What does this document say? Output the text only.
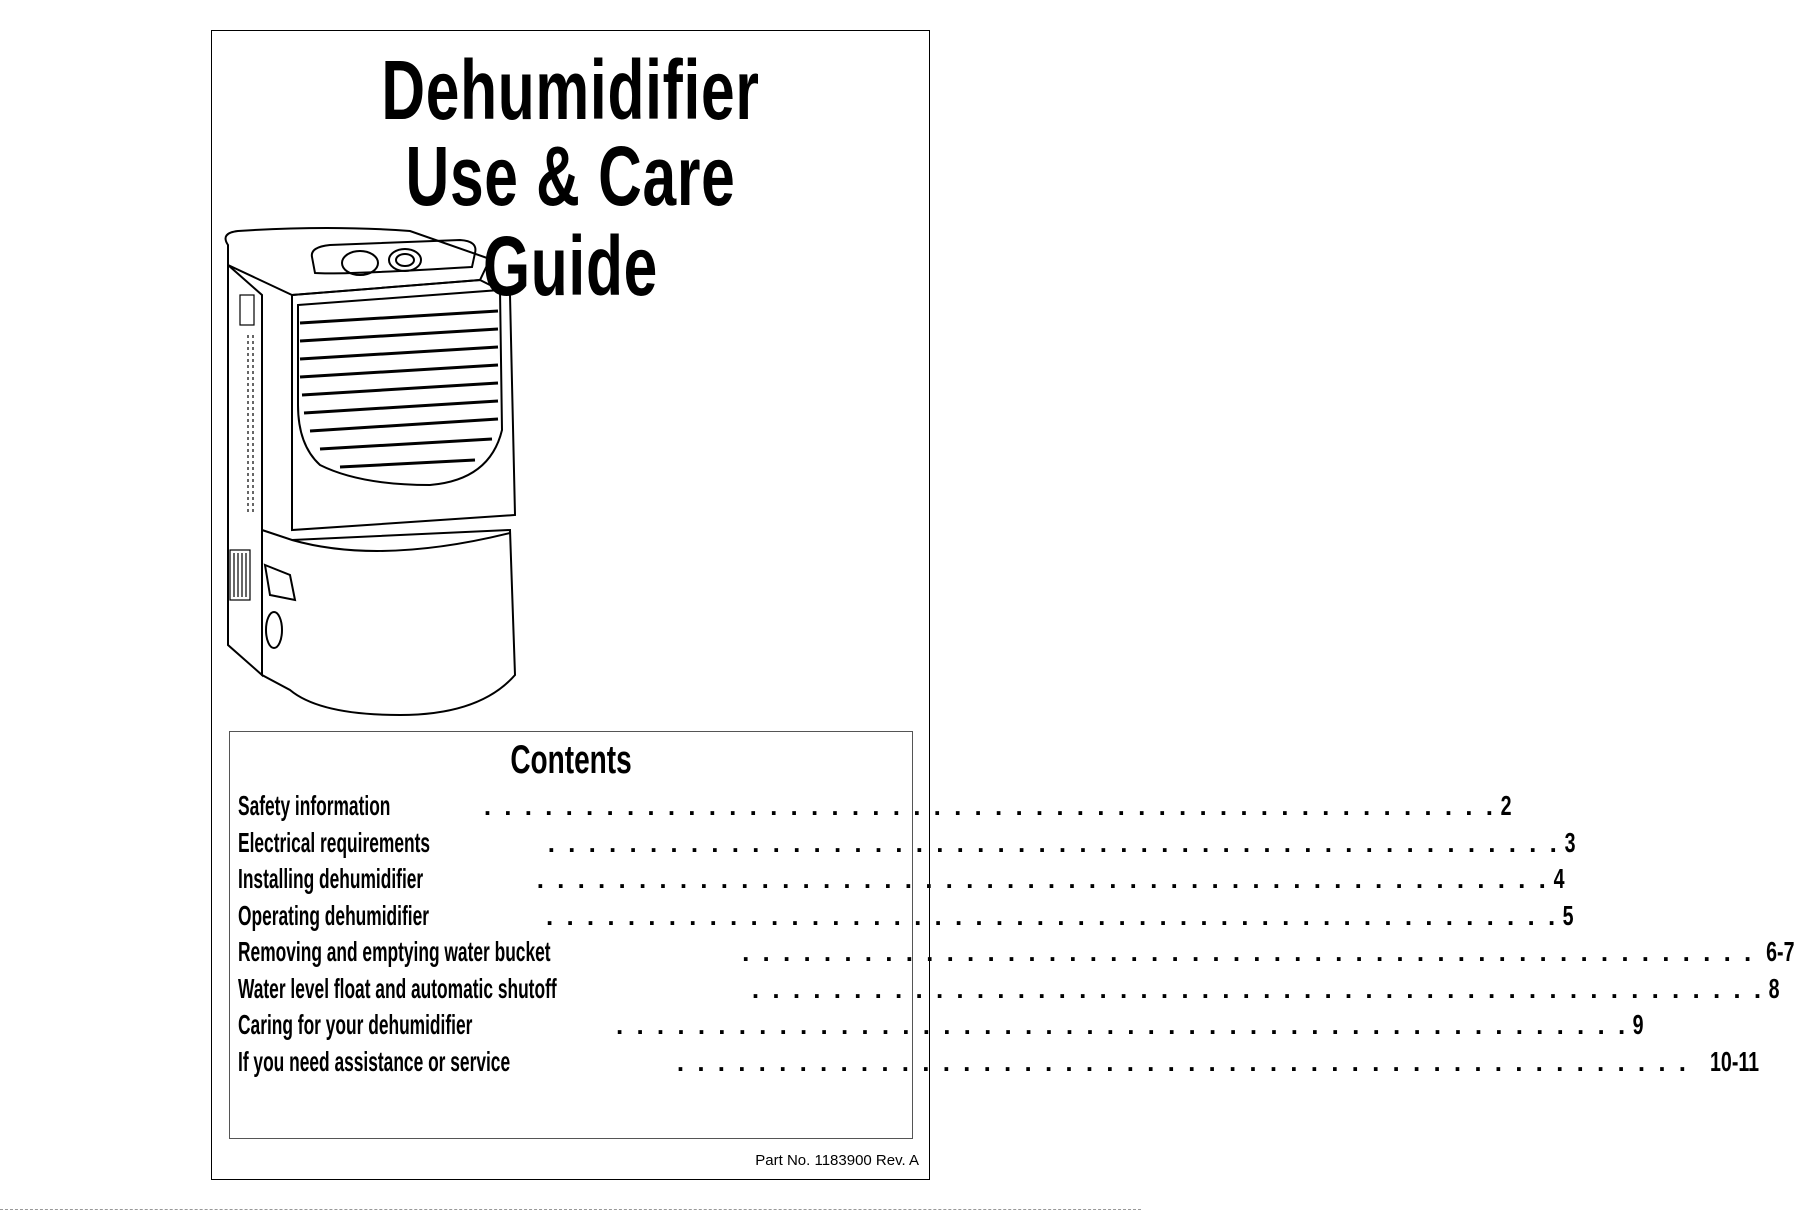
Dehumidifier
Use & Care Guide
Contents
Safety information	. . . . . . . . . . . . . . . . . . . . . . . . . . . . . . . . . . . . . . . . . . . . . . . . . . 2
Electrical requirements	. . . . . . . . . . . . . . . . . . . . . . . . . . . . . . . . . . . . . . . . . . . . . . . . . . 3
Installing dehumidifier	. . . . . . . . . . . . . . . . . . . . . . . . . . . . . . . . . . . . . . . . . . . . . . . . . . 4
Operating dehumidifier	. . . . . . . . . . . . . . . . . . . . . . . . . . . . . . . . . . . . . . . . . . . . . . . . . . 5
Removing and emptying water bucket	. . . . . . . . . . . . . . . . . . . . . . . . . . . . . . . . . . . . . . . . . . . . . . . . . . 6-7
Water level float and automatic shutoff	. . . . . . . . . . . . . . . . . . . . . . . . . . . . . . . . . . . . . . . . . . . . . . . . . . 8
Caring for your dehumidifier	. . . . . . . . . . . . . . . . . . . . . . . . . . . . . . . . . . . . . . . . . . . . . . . . . . 9
If you need assistance or service	. . . . . . . . . . . . . . . . . . . . . . . . . . . . . . . . . . . . . . . . . . . . . . . . . . 10-11
Part No. 1183900 Rev. A
